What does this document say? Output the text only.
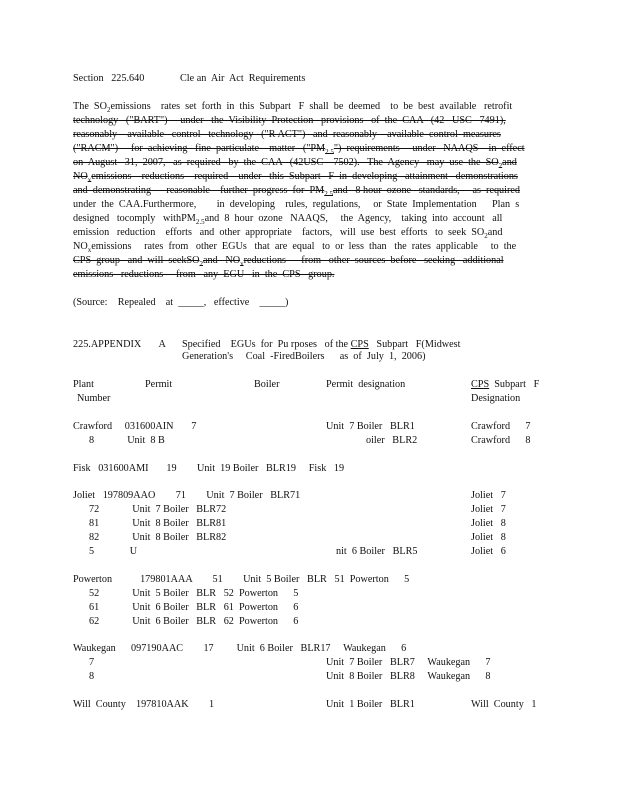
Section   225.640	Cle an  Air  Act  Requirements
The  $SO_2emissions$    rates  set  forth  in  this  Subpart   F  shall  be  deemed    to  be  best  available   retrofit
technology   ("BART")     under   the  Visibility  Protection   provisions   of  the  CAA   (42   USC   7491),
reasonably    available   control   technology   ("R ACT")   and  reasonably    available  control  measures
("RACM")     for  achieving   fine  particulate    matter   $("PM_{2.5}")$  requirements     under   NAAQS    in  effect
on  August   31,  2007,   as  required   by  the  CAA   (42USC    7502).   The  Agency   may  use  the  $SO_2and$
$NO_xemissions$    reductions    required    under   this  Subpart   F  in  developing   attainment   demonstrations
and  demonstrating      reasonable    further  progress  for  $PM_{2.5}and$   8 hour  ozone   standards,     as  required
under  the  CAA.Furthermore,        in  developing    rules,  regulations,     or  State  Implementation      Plan  s
designed   tocomply   withPM$_{2.5}$and  8  hour  ozone   NAAQS,     the  Agency,    taking  into  account   all
emission   reduction    efforts   and  other  appropriate    factors,   will  use  best  efforts   to  seek  $SO_2and$
$NO_xemissions$     rates  from   other  EGUs   that  are  equal   to  or  less  than   the  rates  applicable     to  the
CPS  group   and  will  seekSO$_2$and   $NO_xreductions$      from   other  sources  before   seeking   additional
emissions   reductions     from   any  EGU   in  the  CPS   group.
(Source:    Repealed    at  _____,   effective    _____)
225.APPENDIX       A Specified    EGUs  for  Pu rposes   of the CPS   Subpart   F(Midwest
Generation's     Coal  -FiredBoilers      as  of  July  1,  2006)
Plant
Number
Permit	Boiler	Permit  designation	CPS  Subpart   F
Designation
Crawford     031600AIN       7	Unit  7 Boiler   BLR1	Crawford      7
8             Unit  8 B	oiler   BLR2	Crawford      8
Fisk   031600AMI       19        Unit  19 Boiler   BLR19     Fisk   19
Joliet   197809AAO        71        Unit  7 Boiler   BLR71	Joliet   7
72             Unit  7 Boiler   BLR72	Joliet   7
81             Unit  8 Boiler   BLR81	Joliet   8
82             Unit  8 Boiler   BLR82	Joliet   8
5              U	nit  6 Boiler   BLR5	Joliet   6
Powerton           179801AAA        51        Unit  5 Boiler   BLR   51  Powerton      5
52             Unit  5 Boiler   BLR   52  Powerton      5
61             Unit  6 Boiler   BLR   61  Powerton      6
62             Unit  6 Boiler   BLR   62  Powerton      6
Waukegan      097190AAC        17         Unit  6 Boiler   BLR17     Waukegan      6
7	Unit  7 Boiler   BLR7     Waukegan      7
8	Unit  8 Boiler   BLR8     Waukegan      8
Will  County    197810AAK        1	Unit  1 Boiler   BLR1	Will  County   1
